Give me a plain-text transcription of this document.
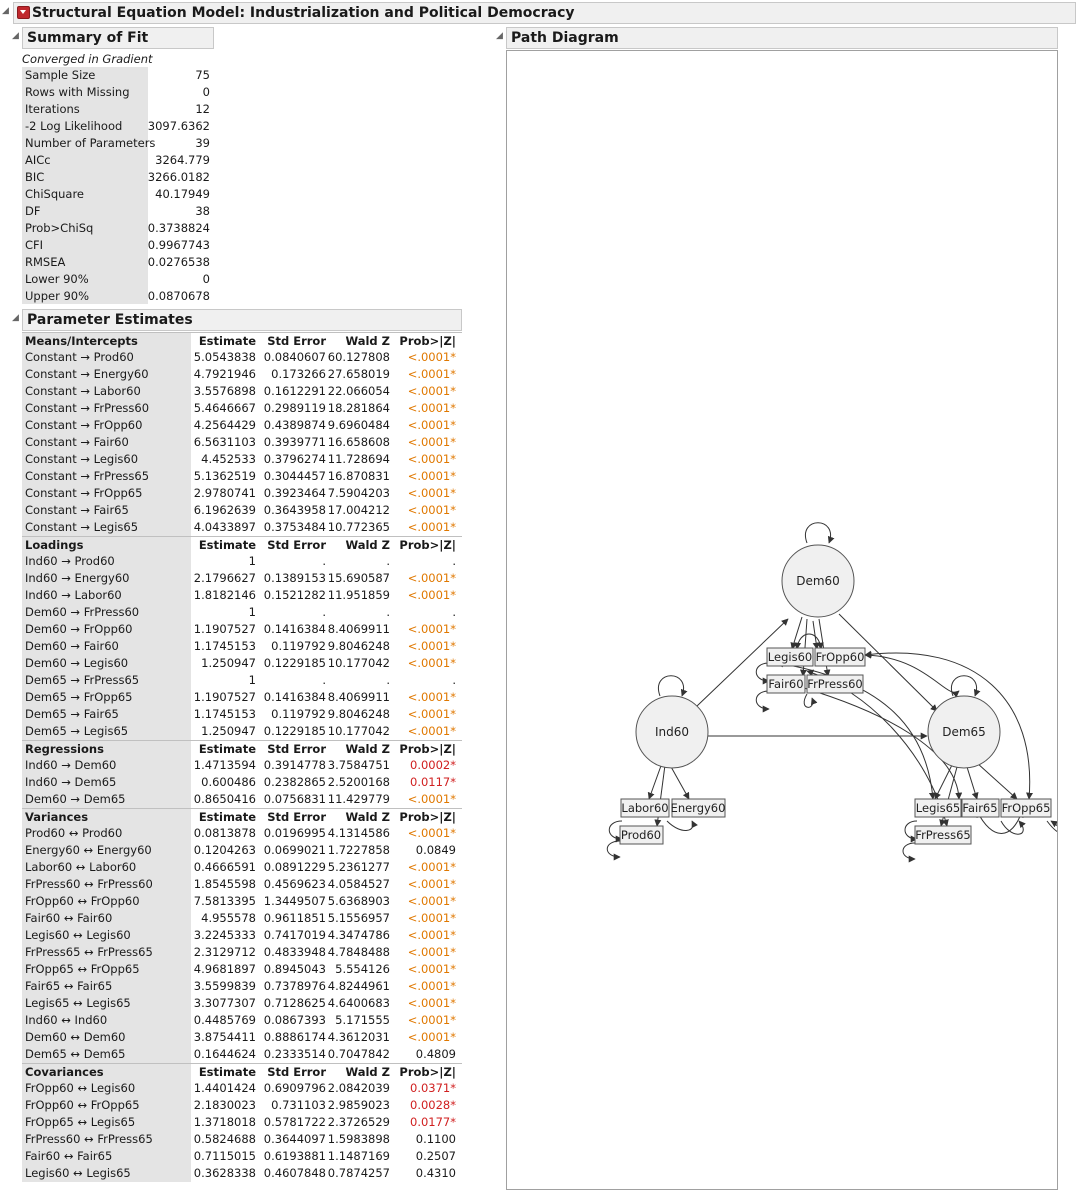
◢	Structural Equation Model: Industrialization and Political Democracy
◢ Summary of Fit
Converged in Gradient
Sample Size	75
Rows with Missing	0
Iterations	12
-2 Log Likelihood 3097.6362
Number of Parameters	39
AICc	3264.779
BIC	3266.0182
ChiSquare	40.17949
DF	38
Prob>ChiSq	0.3738824
CFI	0.9967743
RMSEA	0.0276538
Lower 90%	0
Upper 90%	0.0870678
◢ Parameter Estimates
Means/Intercepts	Estimate Std Error Wald Z Prob>|Z|
Constant → Prod60	5.0543838 0.0840607 60.127808 <.0001*
Constant → Energy60	4.7921946 0.173266 27.658019 <.0001*
Constant → Labor60	3.5576898 0.1612291 22.066054 <.0001*
Constant → FrPress60	5.4646667 0.2989119 18.281864 <.0001*
Constant → FrOpp60	4.2564429 0.4389874 9.6960484 <.0001*
Constant → Fair60	6.5631103 0.3939771 16.658608 <.0001*
Constant → Legis60	4.452533 0.3796274 11.728694 <.0001*
Constant → FrPress65	5.1362519 0.3044457 16.870831 <.0001*
Constant → FrOpp65	2.9780741 0.3923464 7.5904203 <.0001*
Constant → Fair65	6.1962639 0.3643958 17.004212 <.0001*
Constant → Legis65	4.0433897 0.3753484 10.772365 <.0001*
Loadings	Estimate Std Error Wald Z Prob>|Z|
Ind60 → Prod60	1	.	.	.
Ind60 → Energy60	2.1796627 0.1389153 15.690587 <.0001*
Ind60 → Labor60	1.8182146 0.1521282 11.951859 <.0001*
Dem60 → FrPress60	1	.	.	.
Dem60 → FrOpp60	1.1907527 0.1416384 8.4069911 <.0001*
Dem60 → Fair60	1.1745153 0.119792 9.8046248 <.0001*
Dem60 → Legis60	1.250947 0.1229185 10.177042 <.0001*
Dem65 → FrPress65	1	.	.	.
Dem65 → FrOpp65	1.1907527 0.1416384 8.4069911 <.0001*
Dem65 → Fair65	1.1745153 0.119792 9.8046248 <.0001*
Dem65 → Legis65	1.250947 0.1229185 10.177042 <.0001*
Regressions	Estimate Std Error Wald Z Prob>|Z|
Ind60 → Dem60	1.4713594 0.3914778 3.7584751 0.0002*
Ind60 → Dem65	0.600486 0.2382865 2.5200168 0.0117*
Dem60 → Dem65	0.8650416 0.0756831 11.429779 <.0001*
Variances	Estimate Std Error Wald Z Prob>|Z|
Prod60 ↔ Prod60	0.0813878 0.0196995 4.1314586 <.0001*
Energy60 ↔ Energy60	0.1204263 0.0699021 1.7227858 0.0849
Labor60 ↔ Labor60	0.4666591 0.0891229 5.2361277 <.0001*
FrPress60 ↔ FrPress60	1.8545598 0.4569623 4.0584527 <.0001*
FrOpp60 ↔ FrOpp60	7.5813395 1.3449507 5.6368903 <.0001*
Fair60 ↔ Fair60	4.955578 0.9611851 5.1556957 <.0001*
Legis60 ↔ Legis60	3.2245333 0.7417019 4.3474786 <.0001*
FrPress65 ↔ FrPress65	2.3129712 0.4833948 4.7848488 <.0001*
FrOpp65 ↔ FrOpp65	4.9681897 0.8945043 5.554126 <.0001*
Fair65 ↔ Fair65	3.5599839 0.7378976 4.8244961 <.0001*
Legis65 ↔ Legis65	3.3077307 0.7128625 4.6400683 <.0001*
Ind60 ↔ Ind60	0.4485769 0.0867393 5.171555 <.0001*
Dem60 ↔ Dem60	3.8754411 0.8886174 4.3612031 <.0001*
Dem65 ↔ Dem65	0.1644624 0.2333514 0.7047842 0.4809
Covariances	Estimate Std Error Wald Z Prob>|Z|
FrOpp60 ↔ Legis60	1.4401424 0.6909796 2.0842039 0.0371*
FrOpp60 ↔ FrOpp65	2.1830023 0.731103 2.9859023 0.0028*
FrOpp65 ↔ Legis65	1.3718018 0.5781722 2.3726529 0.0177*
FrPress60 ↔ FrPress65	0.5824688 0.3644097 1.5983898 0.1100
Fair60 ↔ Fair65	0.7115015 0.6193881 1.1487169 0.2507
Legis60 ↔ Legis65	0.3628338 0.4607848 0.7874257 0.4310
◢ Path Diagram
Dem60
Ind60	Dem65
Legis60 FrOpp60
Fair60 FrPress60
Labor60 Energy60
Prod60
Legis65 Fair65 FrOpp65
FrPress65
